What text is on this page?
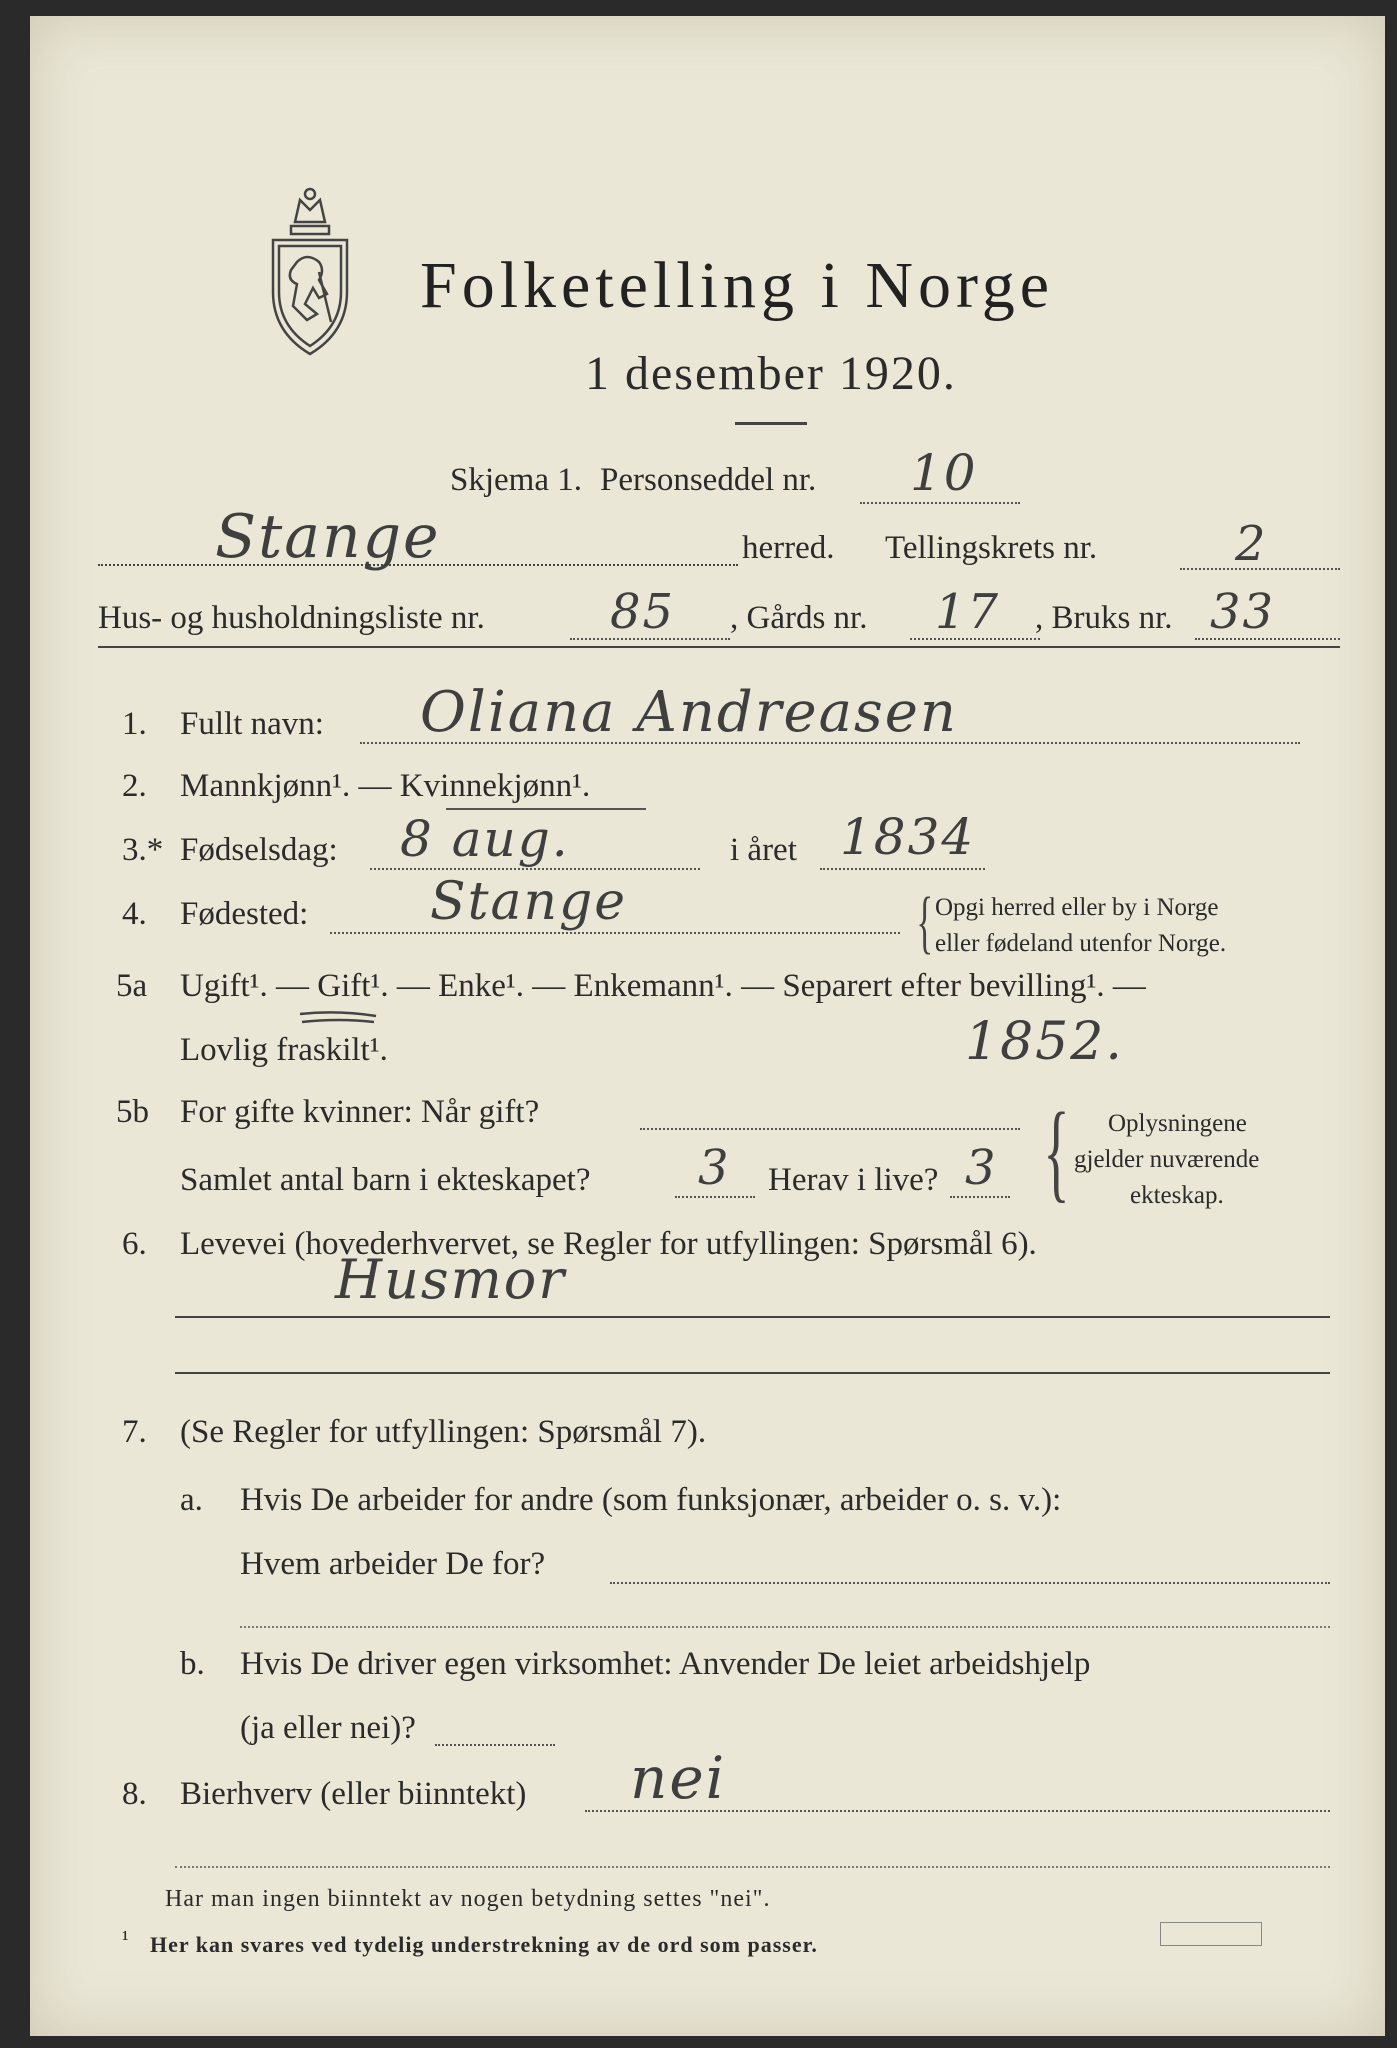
Folketelling i Norge
1 desember 1920.
Skjema 1. Personseddel nr. 10
Stange	herred. Tellingskrets nr.	2
Hus- og husholdningsliste nr.	85 , Gårds nr. 17 , Bruks nr. 33
1. Fullt navn: Oliana Andreasen
2. Mannkjønn¹. — Kvinnekjønn¹.
3.* Fødselsdag: 8 aug.	i året 1834
4. Fødested: Stange	{ Opgi herred eller by i Norge
eller fødeland utenfor Norge.
5a Ugift¹. — Gift¹. — Enke¹. — Enkemann¹. — Separert efter bevilling¹. —
Lovlig fraskilt¹.	1852.
5b For gifte kvinner: Når gift?
Samlet antal barn i ekteskapet? 3 Herav i live? 3 { Oplysningene
gjelder nuværende
ekteskap.
6. Levevei (hovederhvervet, se Regler for utfyllingen: Spørsmål 6).
Husmor
7. (Se Regler for utfyllingen: Spørsmål 7).
a. Hvis De arbeider for andre (som funksjonær, arbeider o. s. v.):
Hvem arbeider De for?
b. Hvis De driver egen virksomhet: Anvender De leiet arbeidshjelp
(ja eller nei)?
8. Bierhverv (eller biinntekt) nei
Har man ingen biinntekt av nogen betydning settes "nei".
¹ Her kan svares ved tydelig understrekning av de ord som passer.
